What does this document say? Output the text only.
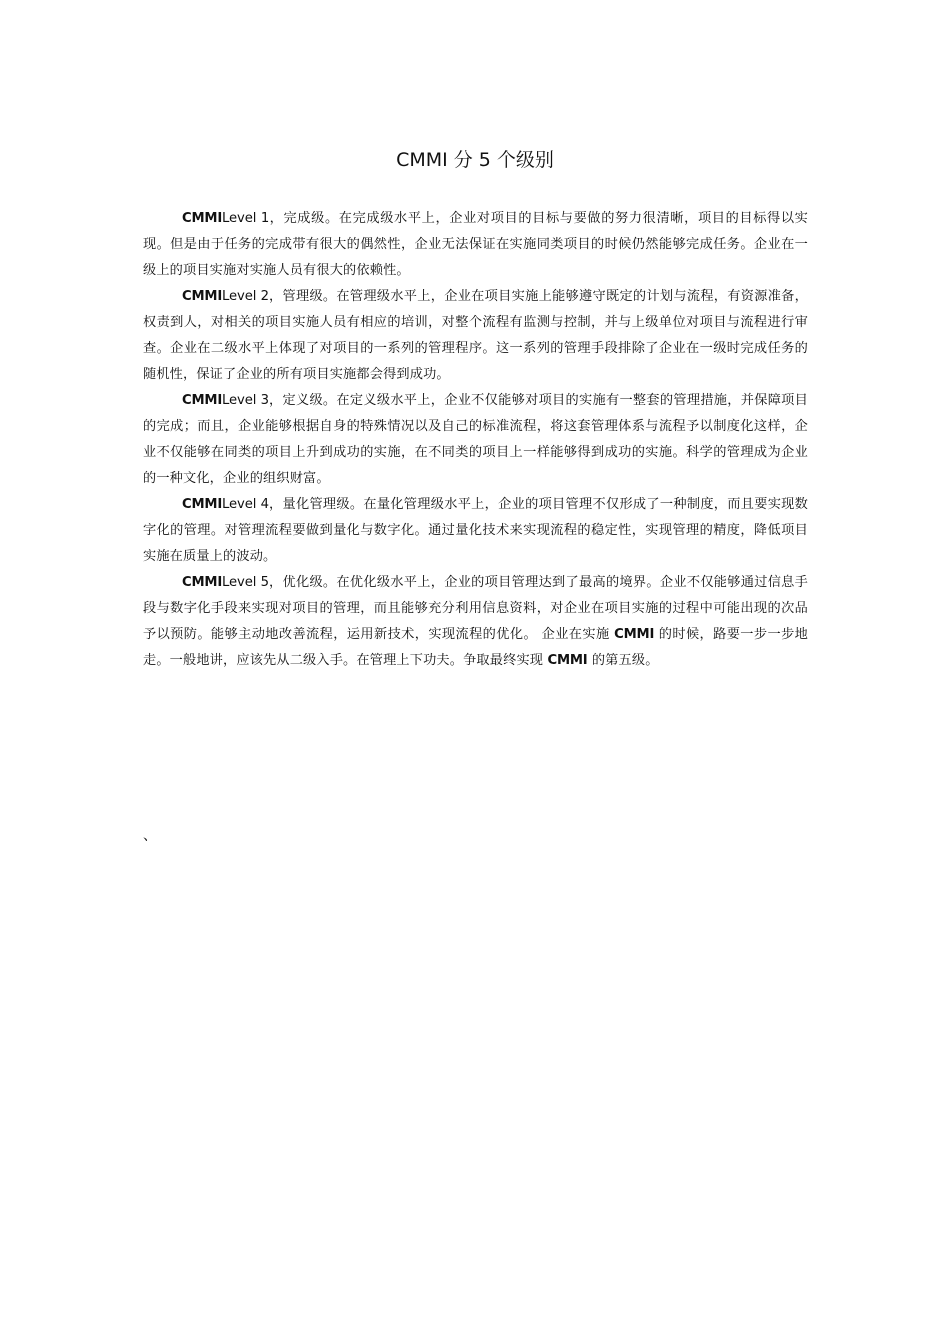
CMMI 分 5 个级别

CMMILevel 1，完成级。在完成级水平上，企业对项目的目标与要做的努力很清晰，项目的目标得以实现。但是由于任务的完成带有很大的偶然性，企业无法保证在实施同类项目的时候仍然能够完成任务。企业在一级上的项目实施对实施人员有很大的依赖性。

CMMILevel 2，管理级。在管理级水平上，企业在项目实施上能够遵守既定的计划与流程，有资源准备，权责到人，对相关的项目实施人员有相应的培训，对整个流程有监测与控制，并与上级单位对项目与流程进行审查。企业在二级水平上体现了对项目的一系列的管理程序。这一系列的管理手段排除了企业在一级时完成任务的随机性，保证了企业的所有项目实施都会得到成功。

CMMILevel 3，定义级。在定义级水平上，企业不仅能够对项目的实施有一整套的管理措施，并保障项目的完成；而且，企业能够根据自身的特殊情况以及自己的标准流程，将这套管理体系与流程予以制度化这样，企业不仅能够在同类的项目上升到成功的实施，在不同类的项目上一样能够得到成功的实施。科学的管理成为企业的一种文化，企业的组织财富。

CMMILevel 4，量化管理级。在量化管理级水平上，企业的项目管理不仅形成了一种制度，而且要实现数字化的管理。对管理流程要做到量化与数字化。通过量化技术来实现流程的稳定性，实现管理的精度，降低项目实施在质量上的波动。

CMMILevel 5，优化级。在优化级水平上，企业的项目管理达到了最高的境界。企业不仅能够通过信息手段与数字化手段来实现对项目的管理，而且能够充分利用信息资料，对企业在项目实施的过程中可能出现的次品予以预防。能够主动地改善流程，运用新技术，实现流程的优化。 企业在实施 CMMI 的时候，路要一步一步地走。一般地讲，应该先从二级入手。在管理上下功夫。争取最终实现 CMMI 的第五级。

、
